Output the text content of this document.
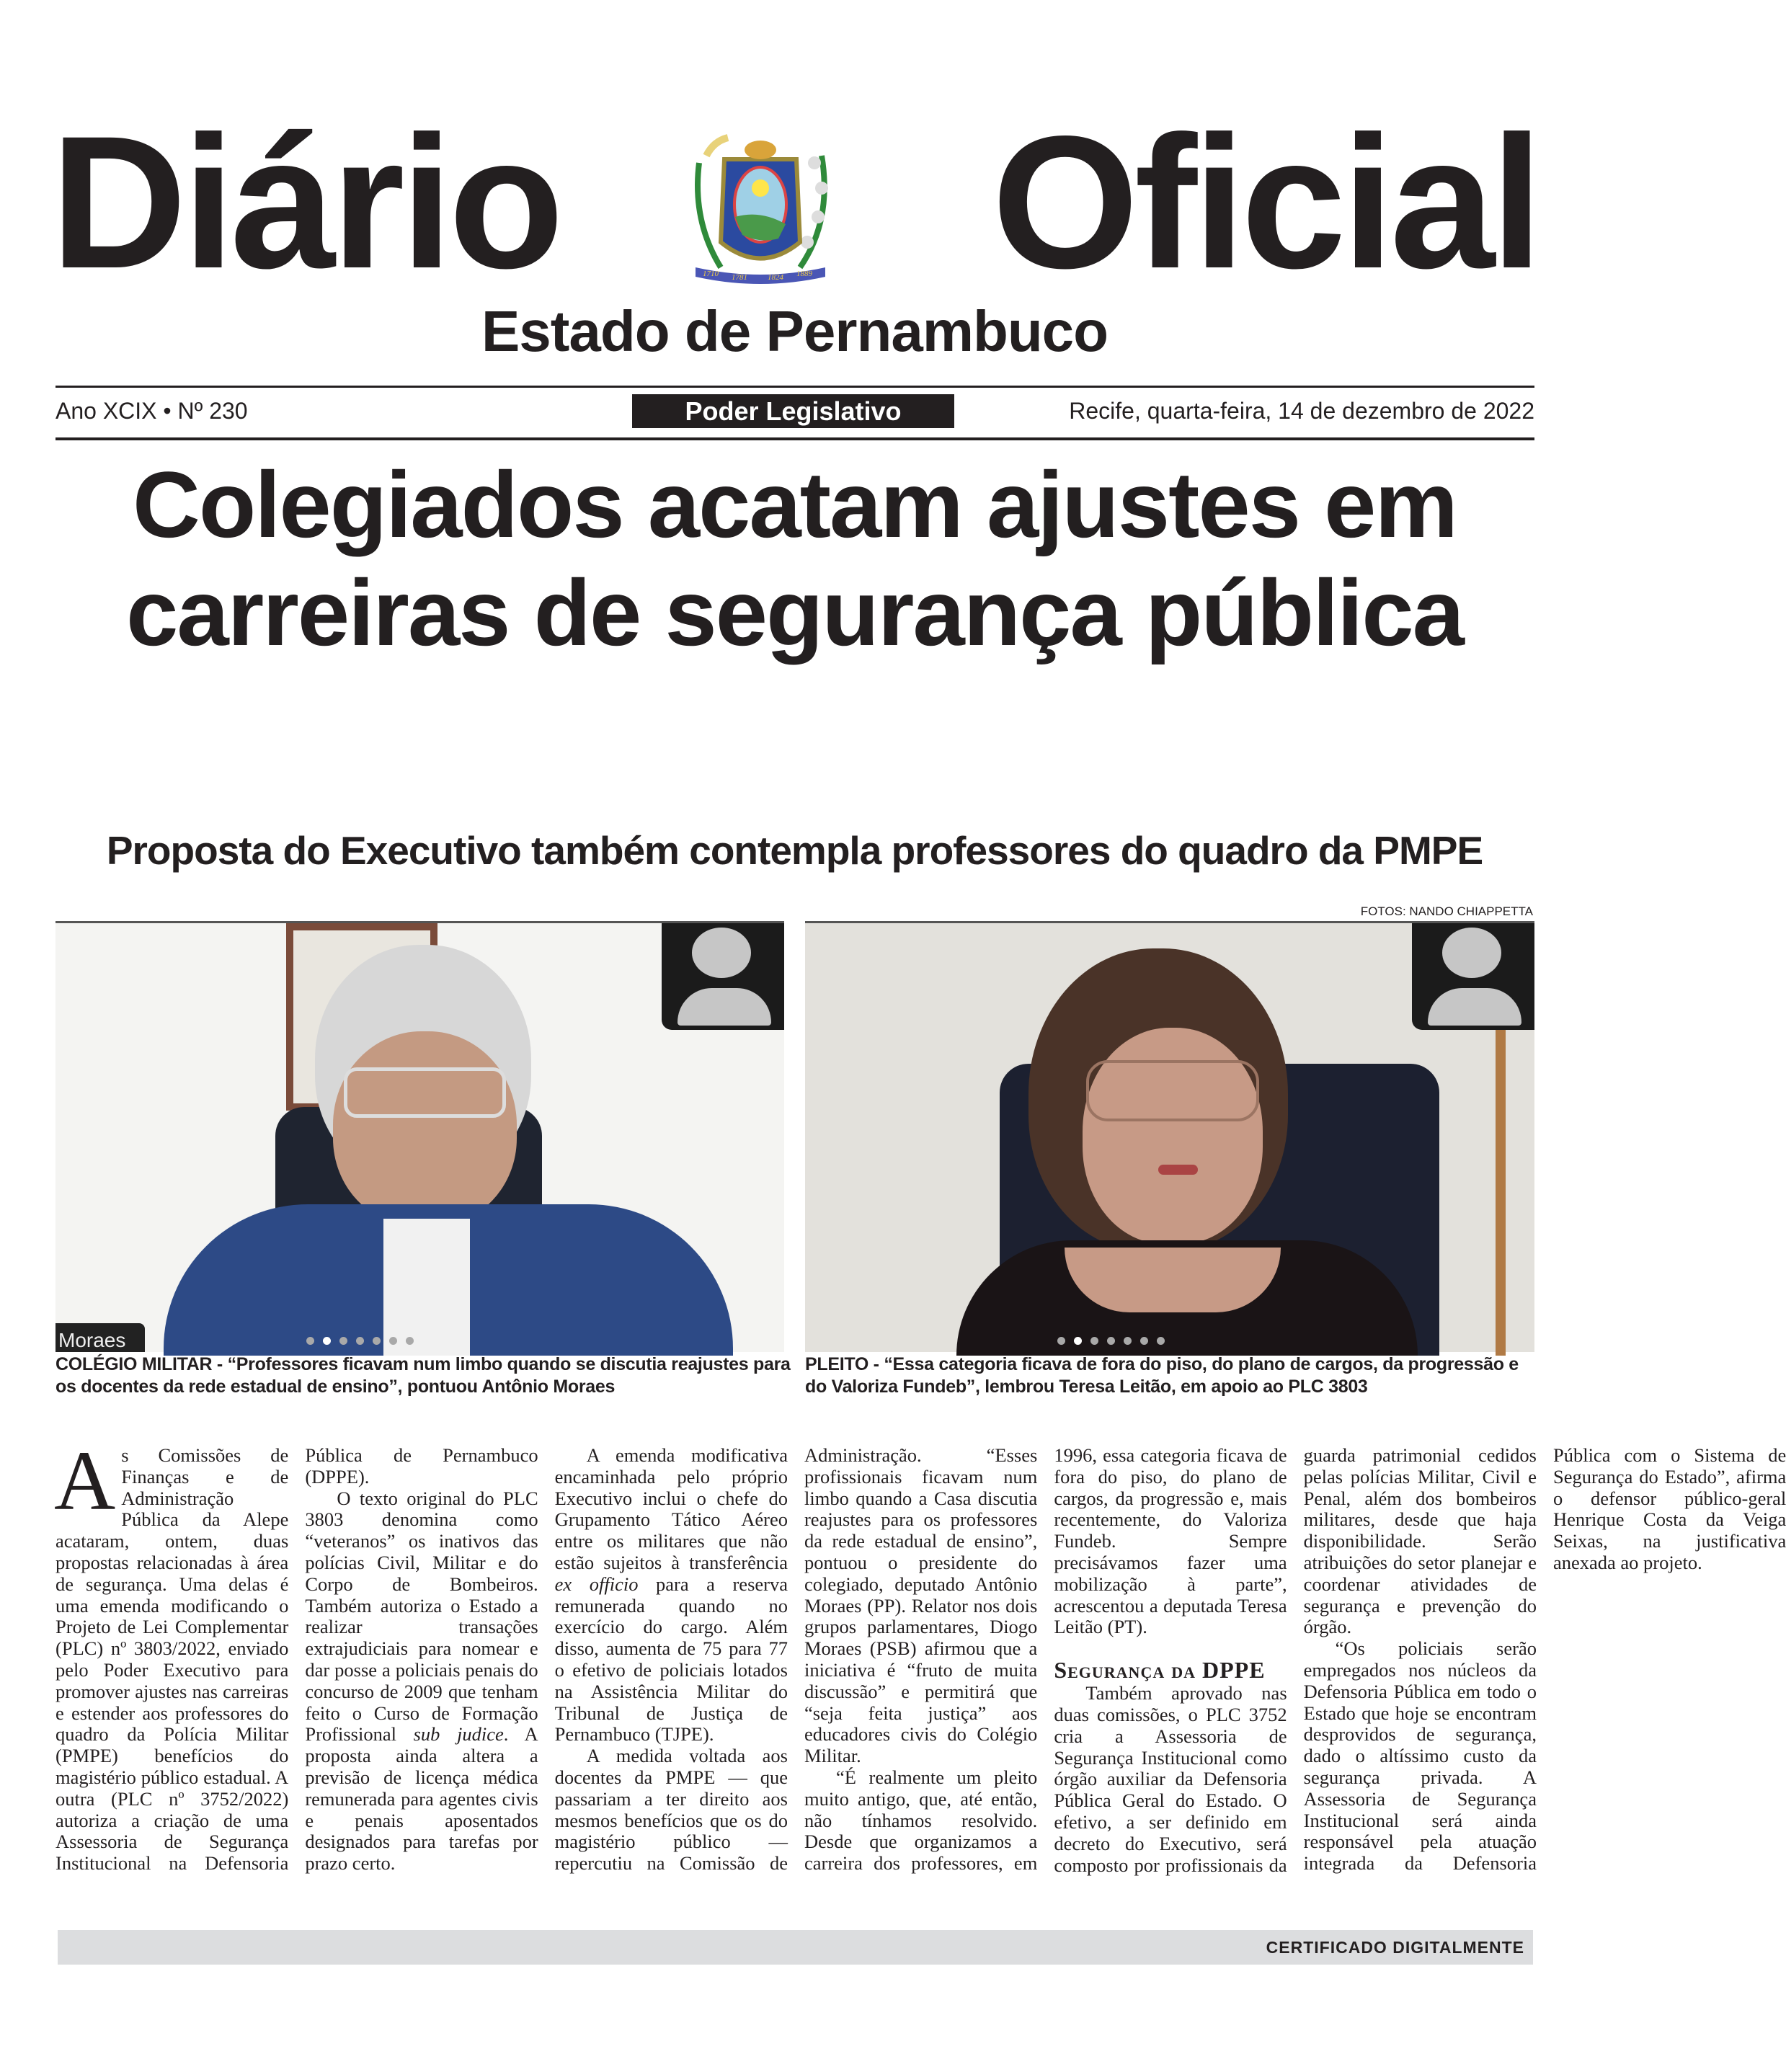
Diário	1710 1781	1824 1889 Oficial
Estado de Pernambuco
Ano XCIX • Nº 230	Poder Legislativo	Recife, quarta-feira, 14 de dezembro de 2022
Colegiados acatam ajustes em carreiras de segurança pública
Proposta do Executivo também contempla professores do quadro da PMPE
FOTOS: NANDO CHIAPPETTA
Moraes

COLÉGIO MILITAR - “Professores ficavam num limbo quando se discutia reajustes para os docentes da rede estadual de ensino”, pontuou Antônio Moraes

PLEITO - “Essa categoria ficava de fora do piso, do plano de cargos, da progressão e do Valoriza Fundeb”, lembrou Teresa Leitão, em apoio ao PLC 3803

As Comissões de Finanças e de Administração Pública da Alepe acataram, ontem, duas propostas relacionadas à área de segurança. Uma delas é uma emenda modificando o Projeto de Lei Complementar (PLC) nº 3803/2022, enviado pelo Poder Executivo para promover ajustes nas carreiras e estender aos professores do quadro da Polícia Militar (PMPE) benefícios do magistério público estadual. A outra (PLC nº 3752/2022) autoriza a criação de uma Assessoria de Segurança Institucional na Defensoria Pública de Pernambuco (DPPE).

O texto original do PLC 3803 denomina como “veteranos” os inativos das polícias Civil, Militar e do Corpo de Bombeiros. Também autoriza o Estado a realizar transações extrajudiciais para nomear e dar posse a policiais penais do concurso de 2009 que tenham feito o Curso de Formação Profissional sub judice. A proposta ainda altera a previsão de licença médica remunerada para agentes civis e penais aposentados designados para tarefas por prazo certo.

A emenda modificativa encaminhada pelo próprio Executivo inclui o chefe do Grupamento Tático Aéreo entre os militares que não estão sujeitos à transferência ex officio para a reserva remunerada quando no exercício do cargo. Além disso, aumenta de 75 para 77 o efetivo de policiais lotados na Assistência Militar do Tribunal de Justiça de Pernambuco (TJPE).

A medida voltada aos docentes da PMPE — que passariam a ter direito aos mesmos benefícios que os do magistério público — repercutiu na Comissão de Administração. “Esses profissionais ficavam num limbo quando a Casa discutia reajustes para os professores da rede estadual de ensino”, pontuou o presidente do colegiado, deputado Antônio Moraes (PP). Relator nos dois grupos parlamentares, Diogo Moraes (PSB) afirmou que a iniciativa é “fruto de muita discussão” e permitirá que “seja feita justiça” aos educadores civis do Colégio Militar.

“É realmente um pleito muito antigo, que, até então, não tínhamos resolvido. Desde que organizamos a carreira dos professores, em 1996, essa categoria ficava de fora do piso, do plano de cargos, da progressão e, mais recentemente, do Valoriza Fundeb. Sempre precisávamos fazer uma mobilização à parte”, acrescentou a deputada Teresa Leitão (PT).

Segurança da DPPE

Também aprovado nas duas comissões, o PLC 3752 cria a Assessoria de Segurança Institucional como órgão auxiliar da Defensoria Pública Geral do Estado. O efetivo, a ser definido em decreto do Executivo, será composto por profissionais da guarda patrimonial cedidos pelas polícias Militar, Civil e Penal, além dos bombeiros militares, desde que haja disponibilidade. Serão atribuições do setor planejar e coordenar atividades de segurança e prevenção do órgão.

“Os policiais serão empregados nos núcleos da Defensoria Pública em todo o Estado que hoje se encontram desprovidos de segurança, dado o altíssimo custo da segurança privada. A Assessoria de Segurança Institucional será ainda responsável pela atuação integrada da Defensoria Pública com o Sistema de Segurança do Estado”, afirma o defensor público-geral Henrique Costa da Veiga Seixas, na justificativa anexada ao projeto.

CERTIFICADO DIGITALMENTE
